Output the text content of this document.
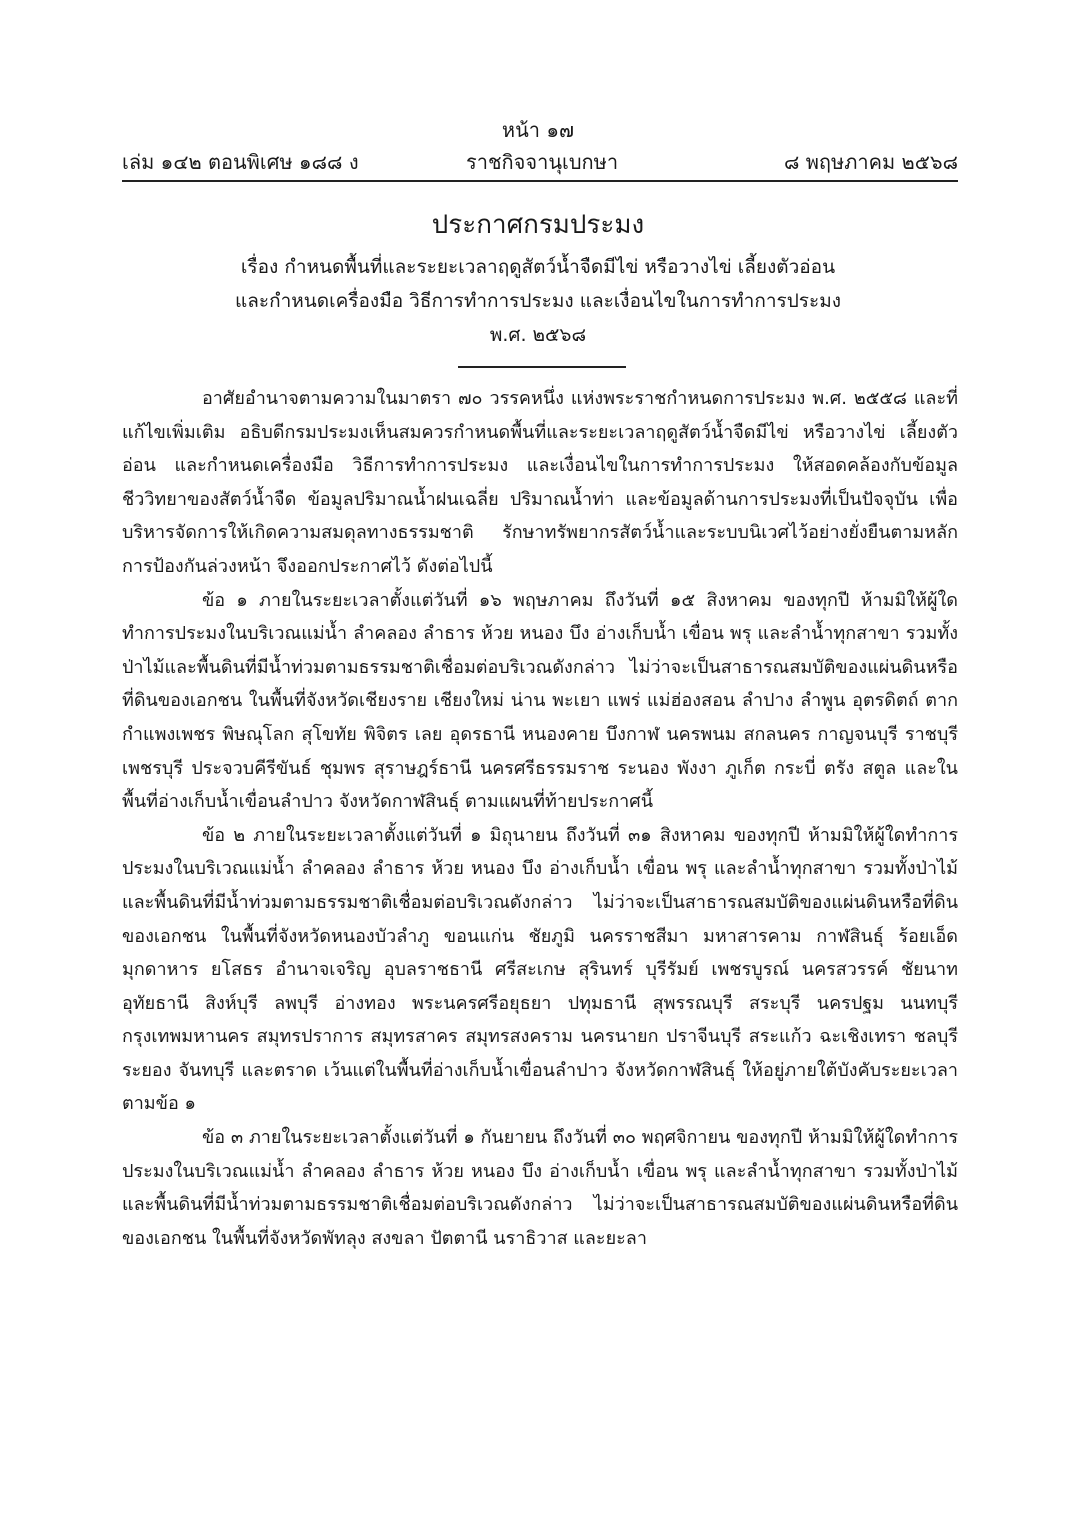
หน้า ๑๗
เล่ม ๑๔๒ ตอนพิเศษ ๑๘๘ ง	ราชกิจจานุเบกษา	๘ พฤษภาคม ๒๕๖๘
ประกาศกรมประมง
เรื่อง กำหนดพื้นที่และระยะเวลาฤดูสัตว์น้ำจืดมีไข่ หรือวางไข่ เลี้ยงตัวอ่อน
และกำหนดเครื่องมือ วิธีการทำการประมง และเงื่อนไขในการทำการประมง
พ.ศ. ๒๕๖๘

อาศัยอำนาจตามความในมาตรา ๗๐ วรรคหนึ่ง แห่งพระราชกำหนดการประมง พ.ศ. ๒๕๕๘ และที่แก้ไขเพิ่มเติม อธิบดีกรมประมงเห็นสมควรกำหนดพื้นที่และระยะเวลาฤดูสัตว์น้ำจืดมีไข่ หรือวางไข่ เลี้ยงตัวอ่อน และกำหนดเครื่องมือ วิธีการทำการประมง และเงื่อนไขในการทำการประมง ให้สอดคล้องกับข้อมูลชีววิทยาของสัตว์น้ำจืด ข้อมูลปริมาณน้ำฝนเฉลี่ย ปริมาณน้ำท่า และข้อมูลด้านการประมงที่เป็นปัจจุบัน เพื่อบริหารจัดการให้เกิดความสมดุลทางธรรมชาติ รักษาทรัพยากรสัตว์น้ำและระบบนิเวศไว้อย่างยั่งยืนตามหลักการป้องกันล่วงหน้า จึงออกประกาศไว้ ดังต่อไปนี้

ข้อ ๑ ภายในระยะเวลาตั้งแต่วันที่ ๑๖ พฤษภาคม ถึงวันที่ ๑๕ สิงหาคม ของทุกปี ห้ามมิให้ผู้ใดทำการประมงในบริเวณแม่น้ำ ลำคลอง ลำธาร ห้วย หนอง บึง อ่างเก็บน้ำ เขื่อน พรุ และลำน้ำทุกสาขา รวมทั้งป่าไม้และพื้นดินที่มีน้ำท่วมตามธรรมชาติเชื่อมต่อบริเวณดังกล่าว ไม่ว่าจะเป็นสาธารณสมบัติของแผ่นดินหรือที่ดินของเอกชน ในพื้นที่จังหวัดเชียงราย เชียงใหม่ น่าน พะเยา แพร่ แม่ฮ่องสอน ลำปาง ลำพูน อุตรดิตถ์ ตาก กำแพงเพชร พิษณุโลก สุโขทัย พิจิตร เลย อุดรธานี หนองคาย บึงกาฬ นครพนม สกลนคร กาญจนบุรี ราชบุรี เพชรบุรี ประจวบคีรีขันธ์ ชุมพร สุราษฎร์ธานี นครศรีธรรมราช ระนอง พังงา ภูเก็ต กระบี่ ตรัง สตูล และในพื้นที่อ่างเก็บน้ำเขื่อนลำปาว จังหวัดกาฬสินธุ์ ตามแผนที่ท้ายประกาศนี้

ข้อ ๒ ภายในระยะเวลาตั้งแต่วันที่ ๑ มิถุนายน ถึงวันที่ ๓๑ สิงหาคม ของทุกปี ห้ามมิให้ผู้ใดทำการประมงในบริเวณแม่น้ำ ลำคลอง ลำธาร ห้วย หนอง บึง อ่างเก็บน้ำ เขื่อน พรุ และลำน้ำทุกสาขา รวมทั้งป่าไม้และพื้นดินที่มีน้ำท่วมตามธรรมชาติเชื่อมต่อบริเวณดังกล่าว ไม่ว่าจะเป็นสาธารณสมบัติของแผ่นดินหรือที่ดินของเอกชน ในพื้นที่จังหวัดหนองบัวลำภู ขอนแก่น ชัยภูมิ นครราชสีมา มหาสารคาม กาฬสินธุ์ ร้อยเอ็ด มุกดาหาร ยโสธร อำนาจเจริญ อุบลราชธานี ศรีสะเกษ สุรินทร์ บุรีรัมย์ เพชรบูรณ์ นครสวรรค์ ชัยนาท อุทัยธานี สิงห์บุรี ลพบุรี อ่างทอง พระนครศรีอยุธยา ปทุมธานี สุพรรณบุรี สระบุรี นครปฐม นนทบุรี กรุงเทพมหานคร สมุทรปราการ สมุทรสาคร สมุทรสงคราม นครนายก ปราจีนบุรี สระแก้ว ฉะเชิงเทรา ชลบุรี ระยอง จันทบุรี และตราด เว้นแต่ในพื้นที่อ่างเก็บน้ำเขื่อนลำปาว จังหวัดกาฬสินธุ์ ให้อยู่ภายใต้บังคับระยะเวลาตามข้อ ๑

ข้อ ๓ ภายในระยะเวลาตั้งแต่วันที่ ๑ กันยายน ถึงวันที่ ๓๐ พฤศจิกายน ของทุกปี ห้ามมิให้ผู้ใดทำการประมงในบริเวณแม่น้ำ ลำคลอง ลำธาร ห้วย หนอง บึง อ่างเก็บน้ำ เขื่อน พรุ และลำน้ำทุกสาขา รวมทั้งป่าไม้และพื้นดินที่มีน้ำท่วมตามธรรมชาติเชื่อมต่อบริเวณดังกล่าว ไม่ว่าจะเป็นสาธารณสมบัติของแผ่นดินหรือที่ดินของเอกชน ในพื้นที่จังหวัดพัทลุง สงขลา ปัตตานี นราธิวาส และยะลา
